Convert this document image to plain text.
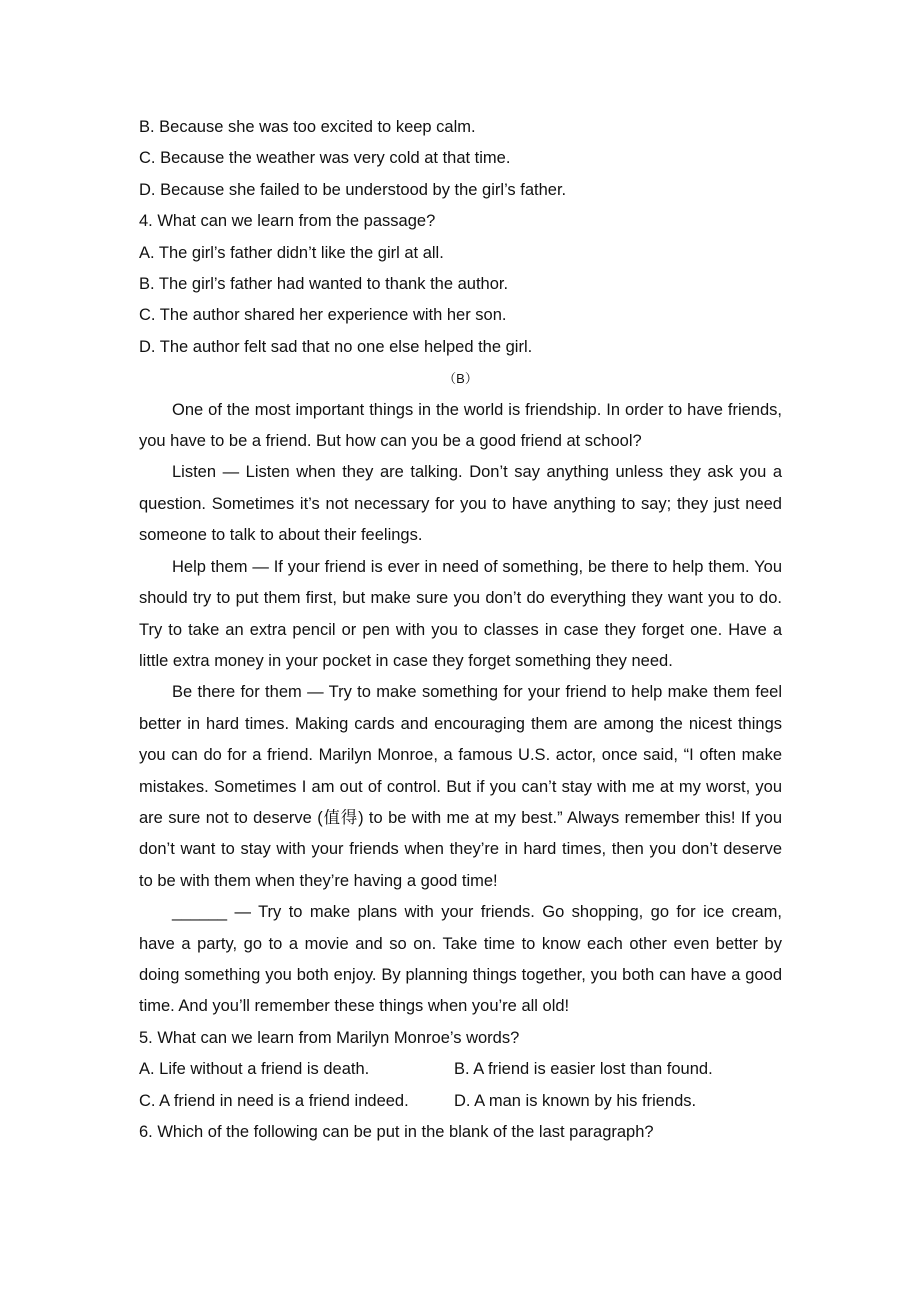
B. Because she was too excited to keep calm.
C. Because the weather was very cold at that time.
D. Because she failed to be understood by the girl’s father.
4. What can we learn from the passage?
A. The girl’s father didn’t like the girl at all.
B. The girl’s father had wanted to thank the author.
C. The author shared her experience with her son.
D. The author felt sad that no one else helped the girl.
（B）

One of the most important things in the world is friendship. In order to have friends, you have to be a friend. But how can you be a good friend at school?

Listen — Listen when they are talking. Don’t say anything unless they ask you a question. Sometimes it’s not necessary for you to have anything to say; they just need someone to talk to about their feelings.

Help them — If your friend is ever in need of something, be there to help them. You should try to put them first, but make sure you don’t do everything they want you to do. Try to take an extra pencil or pen with you to classes in case they forget one. Have a little extra money in your pocket in case they forget something they need.

Be there for them — Try to make something for your friend to help make them feel better in hard times. Making cards and encouraging them are among the nicest things you can do for a friend. Marilyn Monroe, a famous U.S. actor, once said, “I often make mistakes. Sometimes I am out of control. But if you can’t stay with me at my worst, you are sure not to deserve (值得) to be with me at my best.” Always remember this! If you don’t want to stay with your friends when they’re in hard times, then you don’t deserve to be with them when they’re having a good time!

______ — Try to make plans with your friends. Go shopping, go for ice cream, have a party, go to a movie and so on. Take time to know each other even better by doing something you both enjoy. By planning things together, you both can have a good time. And you’ll remember these things when you’re all old!

5. What can we learn from Marilyn Monroe’s words?
A. Life without a friend is death.	B. A friend is easier lost than found.
C. A friend in need is a friend indeed.	D. A man is known by his friends.
6. Which of the following can be put in the blank of the last paragraph?
